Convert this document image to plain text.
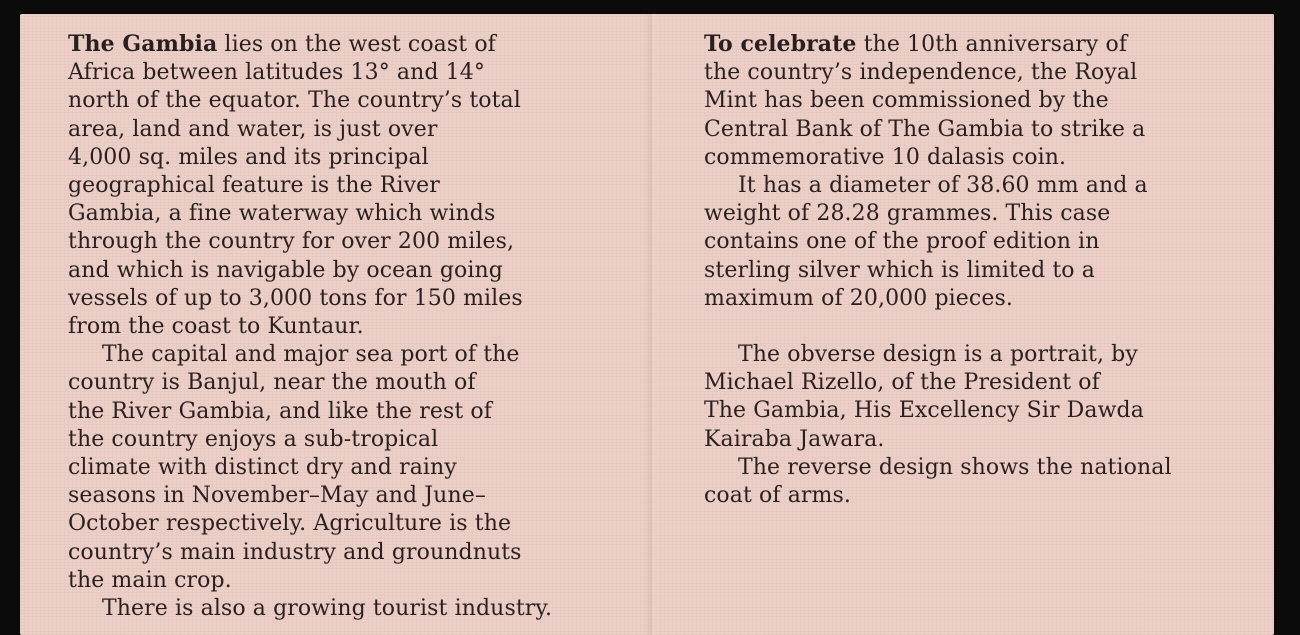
The Gambia lies on the west coast of
Africa between latitudes 13° and 14°
north of the equator. The country’s total
area, land and water, is just over
4,000 sq. miles and its principal
geographical feature is the River
Gambia, a fine waterway which winds
through the country for over 200 miles,
and which is navigable by ocean going
vessels of up to 3,000 tons for 150 miles
from the coast to Kuntaur.

The capital and major sea port of the
country is Banjul, near the mouth of
the River Gambia, and like the rest of
the country enjoys a sub-tropical
climate with distinct dry and rainy
seasons in November–May and June–
October respectively. Agriculture is the
country’s main industry and groundnuts
the main crop.

There is also a growing tourist industry.

To celebrate the 10th anniversary of
the country’s independence, the Royal
Mint has been commissioned by the
Central Bank of The Gambia to strike a
commemorative 10 dalasis coin.

It has a diameter of 38.60 mm and a
weight of 28.28 grammes. This case
contains one of the proof edition in
sterling silver which is limited to a
maximum of 20,000 pieces.

The obverse design is a portrait, by
Michael Rizello, of the President of
The Gambia, His Excellency Sir Dawda
Kairaba Jawara.

The reverse design shows the national
coat of arms.
